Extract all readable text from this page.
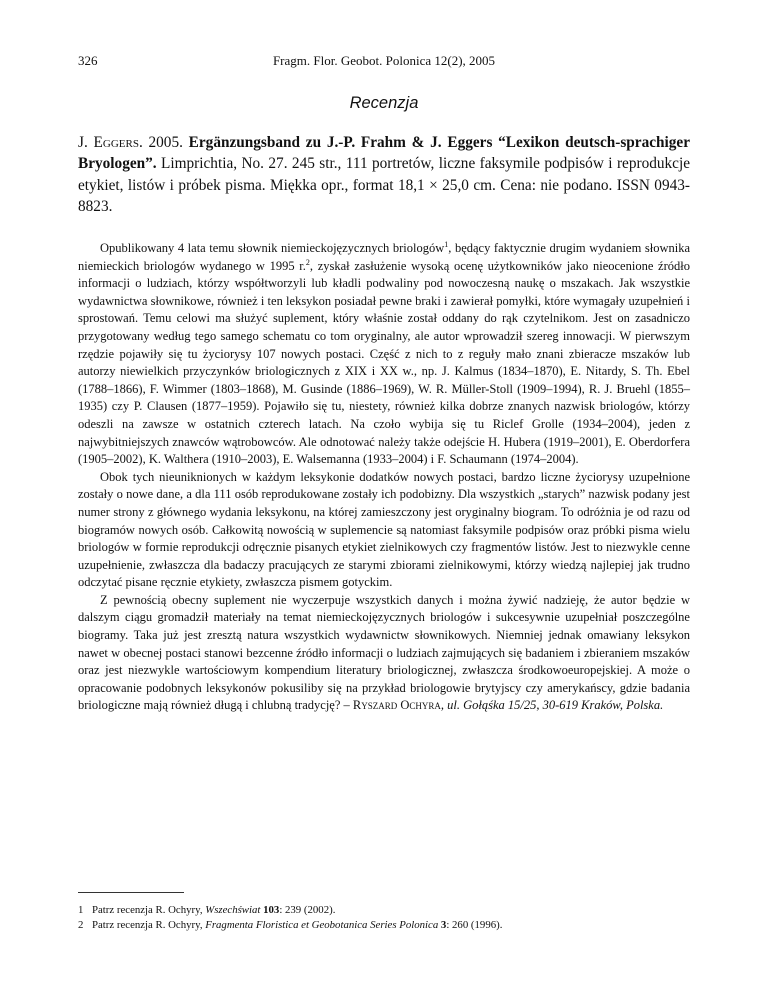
326	Fragm. Flor. Geobot. Polonica 12(2), 2005
Recenzja
J. Eggers. 2005. Ergänzungsband zu J.-P. Frahm & J. Eggers “Lexikon deutsch-sprachiger Bryologen”. Limprichtia, No. 27. 245 str., 111 portretów, liczne faksymile podpisów i reprodukcje etykiet, listów i próbek pisma. Miękka opr., format 18,1 × 25,0 cm. Cena: nie podano. ISSN 0943-8823.

Opublikowany 4 lata temu słownik niemieckojęzycznych briologów$^1$, będący faktycznie drugim wydaniem słownika niemieckich briologów wydanego w 1995 r.$^2$, zyskał zasłużenie wysoką ocenę użytkowników jako nieocenione źródło informacji o ludziach, którzy współtworzyli lub kładli podwaliny pod nowoczesną naukę o mszakach. Jak wszystkie wydawnictwa słownikowe, również i ten leksykon posiadał pewne braki i zawierał pomyłki, które wymagały uzupełnień i sprostowań. Temu celowi ma służyć suplement, który właśnie został oddany do rąk czytelnikom. Jest on zasadniczo przygotowany według tego samego schematu co tom oryginalny, ale autor wprowadził szereg innowacji. W pierwszym rzędzie pojawiły się tu życiorysy 107 nowych postaci. Część z nich to z reguły mało znani zbieracze mszaków lub autorzy niewielkich przyczynków briologicznych z XIX i XX w., np. J. Kalmus (1834–1870), E. Nitardy, S. Th. Ebel (1788–1866), F. Wimmer (1803–1868), M. Gusinde (1886–1969), W. R. Müller-Stoll (1909–1994), R. J. Bruehl (1855–1935) czy P. Clausen (1877–1959). Pojawiło się tu, niestety, również kilka dobrze znanych nazwisk briologów, którzy odeszli na zawsze w ostatnich czterech latach. Na czoło wybija się tu Riclef Grolle (1934–2004), jeden z najwybitniejszych znawców wątrobowców. Ale odnotować należy także odejście H. Hubera (1919–2001), E. Oberdorfera (1905–2002), K. Walthera (1910–2003), E. Walsemanna (1933–2004) i F. Schaumann (1974–2004).

Obok tych nieuniknionych w każdym leksykonie dodatków nowych postaci, bardzo liczne życiorysy uzupełnione zostały o nowe dane, a dla 111 osób reprodukowane zostały ich podobizny. Dla wszystkich „starych” nazwisk podany jest numer strony z głównego wydania leksykonu, na której zamieszczony jest oryginalny biogram. To odróżnia je od razu od biogramów nowych osób. Całkowitą nowością w suplemencie są natomiast faksymile podpisów oraz próbki pisma wielu briologów w formie reprodukcji odręcznie pisanych etykiet zielnikowych czy fragmentów listów. Jest to niezwykle cenne uzupełnienie, zwłaszcza dla badaczy pracujących ze starymi zbiorami zielnikowymi, którzy wiedzą najlepiej jak trudno odczytać pisane ręcznie etykiety, zwłaszcza pismem gotyckim.

Z pewnością obecny suplement nie wyczerpuje wszystkich danych i można żywić nadzieję, że autor będzie w dalszym ciągu gromadził materiały na temat niemieckojęzycznych briologów i sukcesywnie uzupełniał poszczególne biogramy. Taka już jest zresztą natura wszystkich wydawnictw słownikowych. Niemniej jednak omawiany leksykon nawet w obecnej postaci stanowi bezcenne źródło informacji o ludziach zajmujących się badaniem i zbieraniem mszaków oraz jest niezwykle wartościowym kompendium literatury briologicznej, zwłaszcza środkowoeuropejskiej. A może o opracowanie podobnych leksykonów pokusiliby się na przykład briologowie brytyjscy czy amerykańscy, gdzie badania briologiczne mają również długą i chlubną tradycję? – Ryszard Ochyra, ul. Gołąśka 15/25, 30-619 Kraków, Polska.

1 Patrz recenzja R. Ochyry, Wszechświat 103: 239 (2002).
2 Patrz recenzja R. Ochyry, Fragmenta Floristica et Geobotanica Series Polonica 3: 260 (1996).
